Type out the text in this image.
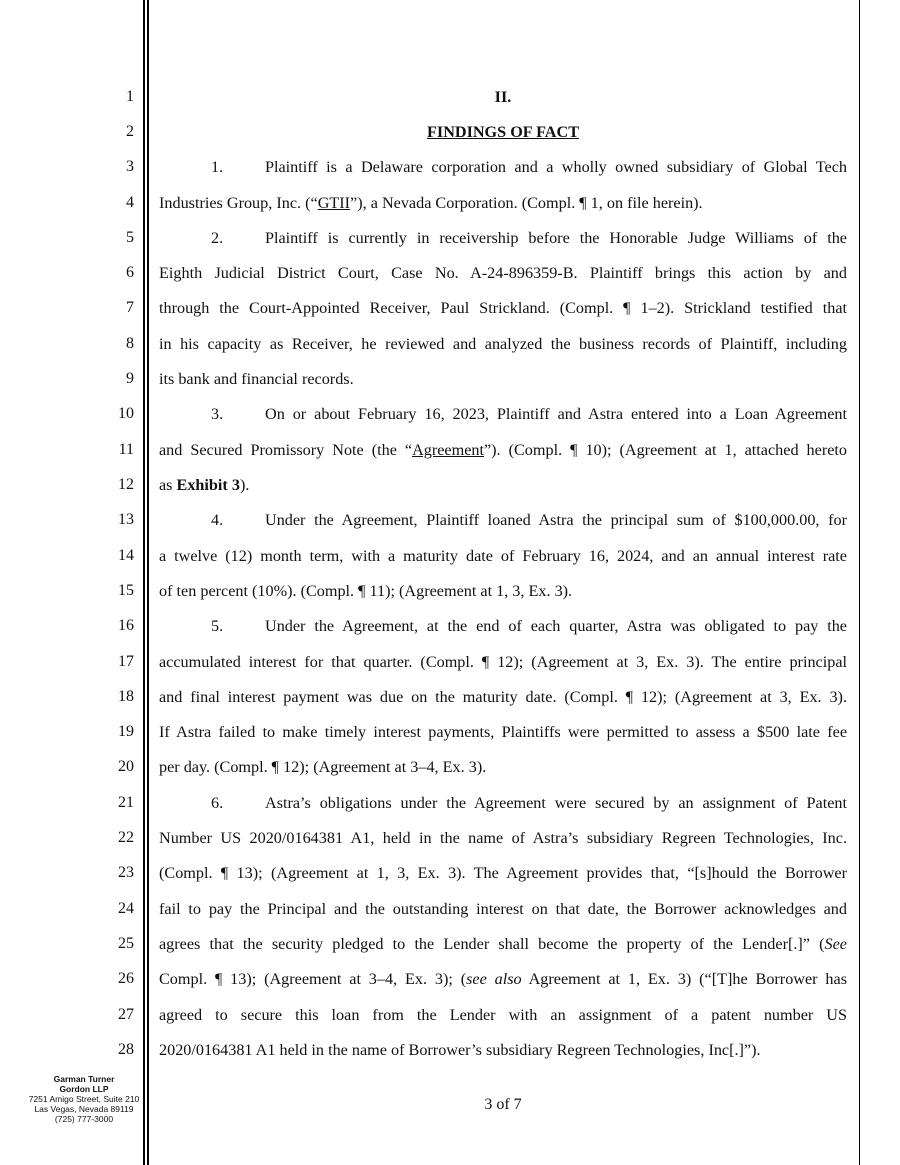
1
2
3
4
5
6
7
8
9
10
11
12
13
14
15
16
17
18
19
20
21
22
23
24
25
26
27
28
II.
FINDINGS OF FACT
1.	Plaintiff is a Delaware corporation and a wholly owned subsidiary of Global Tech
Industries Group, Inc. (“GTII”), a Nevada Corporation. (Compl. ¶ 1, on file herein).
2.	Plaintiff is currently in receivership before the Honorable Judge Williams of the
Eighth Judicial District Court, Case No. A-24-896359-B. Plaintiff brings this action by and
through the Court-Appointed Receiver, Paul Strickland. (Compl. ¶ 1–2). Strickland testified that
in his capacity as Receiver, he reviewed and analyzed the business records of Plaintiff, including
its bank and financial records.
3.	On or about February 16, 2023, Plaintiff and Astra entered into a Loan Agreement
and Secured Promissory Note (the “Agreement”). (Compl. ¶ 10); (Agreement at 1, attached hereto
as Exhibit 3).
4.	Under the Agreement, Plaintiff loaned Astra the principal sum of $100,000.00, for
a twelve (12) month term, with a maturity date of February 16, 2024, and an annual interest rate
of ten percent (10%). (Compl. ¶ 11); (Agreement at 1, 3, Ex. 3).
5.	Under the Agreement, at the end of each quarter, Astra was obligated to pay the
accumulated interest for that quarter. (Compl. ¶ 12); (Agreement at 3, Ex. 3). The entire principal
and final interest payment was due on the maturity date. (Compl. ¶ 12); (Agreement at 3, Ex. 3).
If Astra failed to make timely interest payments, Plaintiffs were permitted to assess a $500 late fee
per day. (Compl. ¶ 12); (Agreement at 3–4, Ex. 3).
6.	Astra’s obligations under the Agreement were secured by an assignment of Patent
Number US 2020/0164381 A1, held in the name of Astra’s subsidiary Regreen Technologies, Inc.
(Compl. ¶ 13); (Agreement at 1, 3, Ex. 3). The Agreement provides that, “[s]hould the Borrower
fail to pay the Principal and the outstanding interest on that date, the Borrower acknowledges and
agrees that the security pledged to the Lender shall become the property of the Lender[.]” (See
Compl. ¶ 13); (Agreement at 3–4, Ex. 3); (see also Agreement at 1, Ex. 3) (“[T]he Borrower has
agreed to secure this loan from the Lender with an assignment of a patent number US
2020/0164381 A1 held in the name of Borrower’s subsidiary Regreen Technologies, Inc[.]”).
Garman Turner
Gordon LLP
7251 Amigo Street, Suite 210
Las Vegas, Nevada 89119
(725) 777-3000
3 of 7
